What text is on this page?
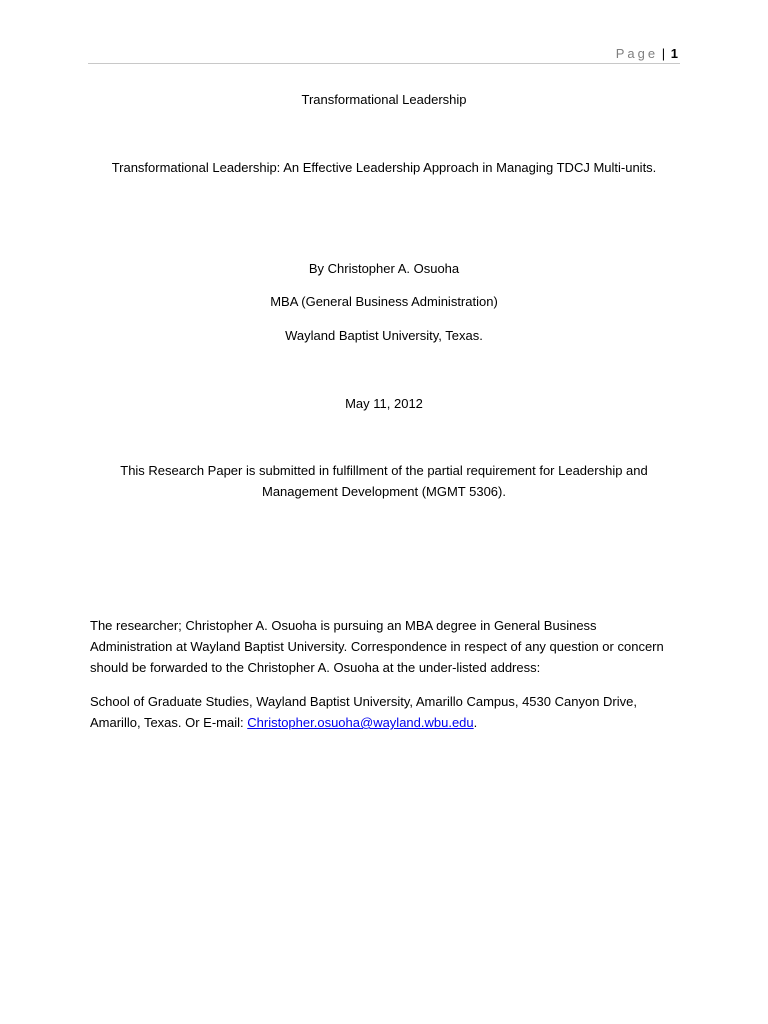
Page | 1
Transformational Leadership
Transformational Leadership: An Effective Leadership Approach in Managing TDCJ Multi-units.
By Christopher A. Osuoha
MBA (General Business Administration)
Wayland Baptist University, Texas.
May 11, 2012
This Research Paper is submitted in fulfillment of the partial requirement for Leadership and Management Development (MGMT 5306).
The researcher; Christopher A. Osuoha is pursuing an MBA degree in General Business Administration at Wayland Baptist University. Correspondence in respect of any question or concern should be forwarded to the Christopher A. Osuoha at the under-listed address:
School of Graduate Studies, Wayland Baptist University, Amarillo Campus, 4530 Canyon Drive, Amarillo, Texas. Or E-mail: Christopher.osuoha@wayland.wbu.edu.
